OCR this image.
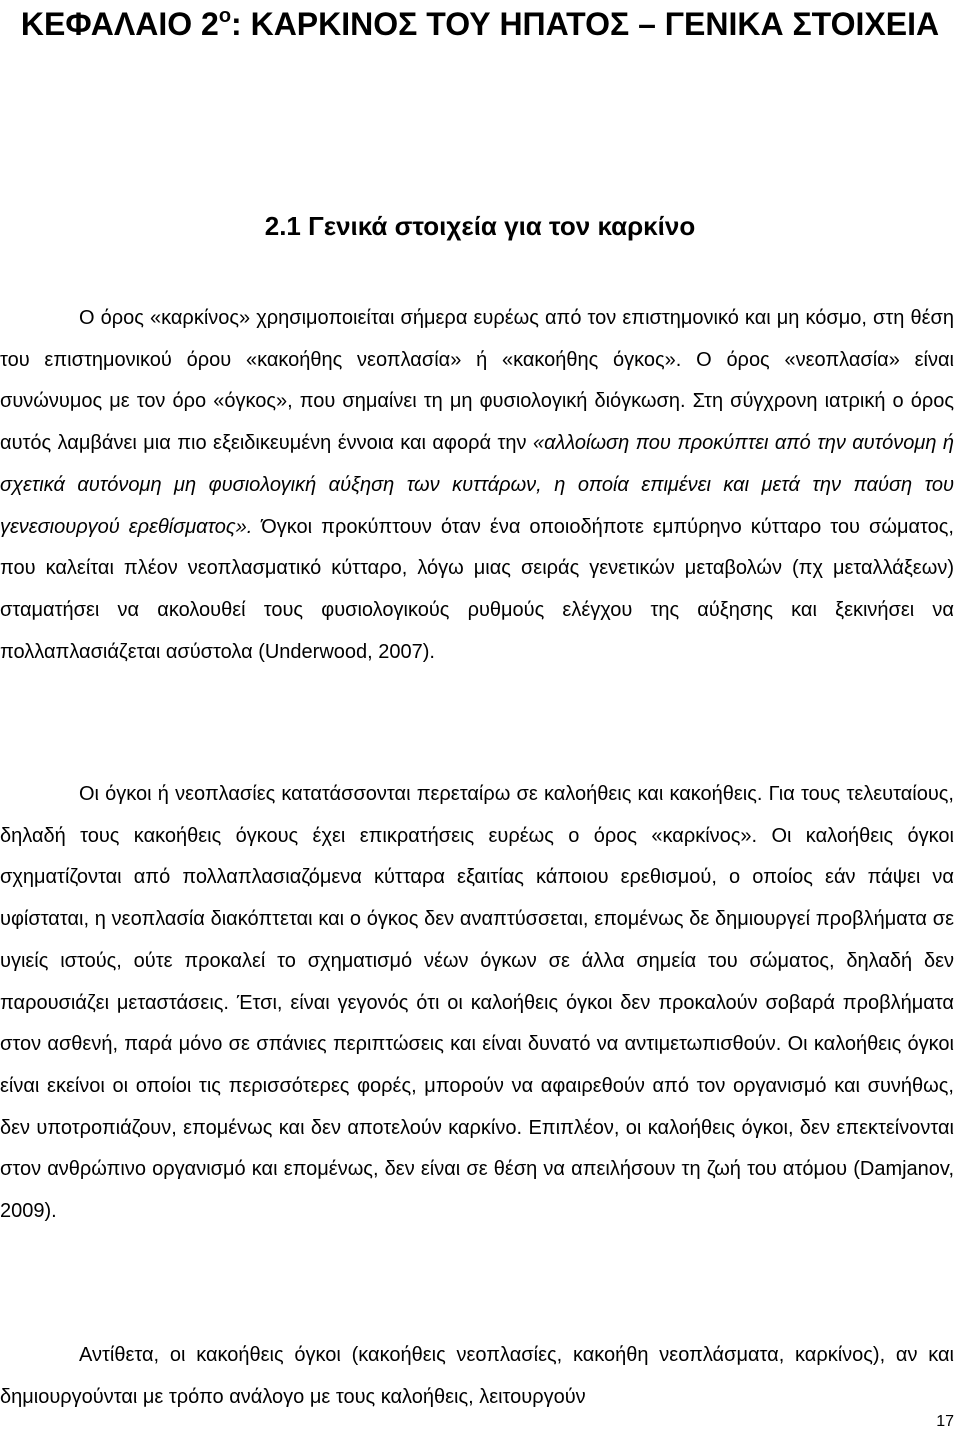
ΚΕΦΑΛΑΙΟ $2^o$: ΚΑΡΚΙΝΟΣ ΤΟΥ ΗΠΑΤΟΣ – ΓΕΝΙΚΑ ΣΤΟΙΧΕΙΑ
2.1 Γενικά στοιχεία για τον καρκίνο

Ο όρος «καρκίνος» χρησιμοποιείται σήμερα ευρέως από τον επιστημονικό και μη κόσμο, στη θέση του επιστημονικού όρου «κακοήθης νεοπλασία» ή «κακοήθης όγκος». Ο όρος «νεοπλασία» είναι συνώνυμος με τον όρο «όγκος», που σημαίνει τη μη φυσιολογική διόγκωση. Στη σύγχρονη ιατρική ο όρος αυτός λαμβάνει μια πιο εξειδικευμένη έννοια και αφορά την «αλλοίωση που προκύπτει από την αυτόνομη ή σχετικά αυτόνομη μη φυσιολογική αύξηση των κυττάρων, η οποία επιμένει και μετά την παύση του γενεσιουργού ερεθίσματος». Όγκοι προκύπτουν όταν ένα οποιοδήποτε εμπύρηνο κύτταρο του σώματος, που καλείται πλέον νεοπλασματικό κύτταρο, λόγω μιας σειράς γενετικών μεταβολών (πχ μεταλλάξεων) σταματήσει να ακολουθεί τους φυσιολογικούς ρυθμούς ελέγχου της αύξησης και ξεκινήσει να πολλαπλασιάζεται ασύστολα (Underwood, 2007).

Οι όγκοι ή νεοπλασίες κατατάσσονται περεταίρω σε καλοήθεις και κακοήθεις. Για τους τελευταίους, δηλαδή τους κακοήθεις όγκους έχει επικρατήσεις ευρέως ο όρος «καρκίνος». Οι καλοήθεις όγκοι σχηματίζονται από πολλαπλασιαζόμενα κύτταρα εξαιτίας κάποιου ερεθισμού, ο οποίος εάν πάψει να υφίσταται, η νεοπλασία διακόπτεται και ο όγκος δεν αναπτύσσεται, επομένως δε δημιουργεί προβλήματα σε υγιείς ιστούς, ούτε προκαλεί το σχηματισμό νέων όγκων σε άλλα σημεία του σώματος, δηλαδή δεν παρουσιάζει μεταστάσεις. Έτσι, είναι γεγονός ότι οι καλοήθεις όγκοι δεν προκαλούν σοβαρά προβλήματα στον ασθενή, παρά μόνο σε σπάνιες περιπτώσεις και είναι δυνατό να αντιμετωπισθούν. Οι καλοήθεις όγκοι είναι εκείνοι οι οποίοι τις περισσότερες φορές, μπορούν να αφαιρεθούν από τον οργανισμό και συνήθως, δεν υποτροπιάζουν, επομένως και δεν αποτελούν καρκίνο. Επιπλέον, οι καλοήθεις όγκοι, δεν επεκτείνονται στον ανθρώπινο οργανισμό και επομένως, δεν είναι σε θέση να απειλήσουν τη ζωή του ατόμου (Damjanov, 2009).

Αντίθετα, οι κακοήθεις όγκοι (κακοήθεις νεοπλασίες, κακοήθη νεοπλάσματα, καρκίνος), αν και δημιουργούνται με τρόπο ανάλογο με τους καλοήθεις, λειτουργούν

17
